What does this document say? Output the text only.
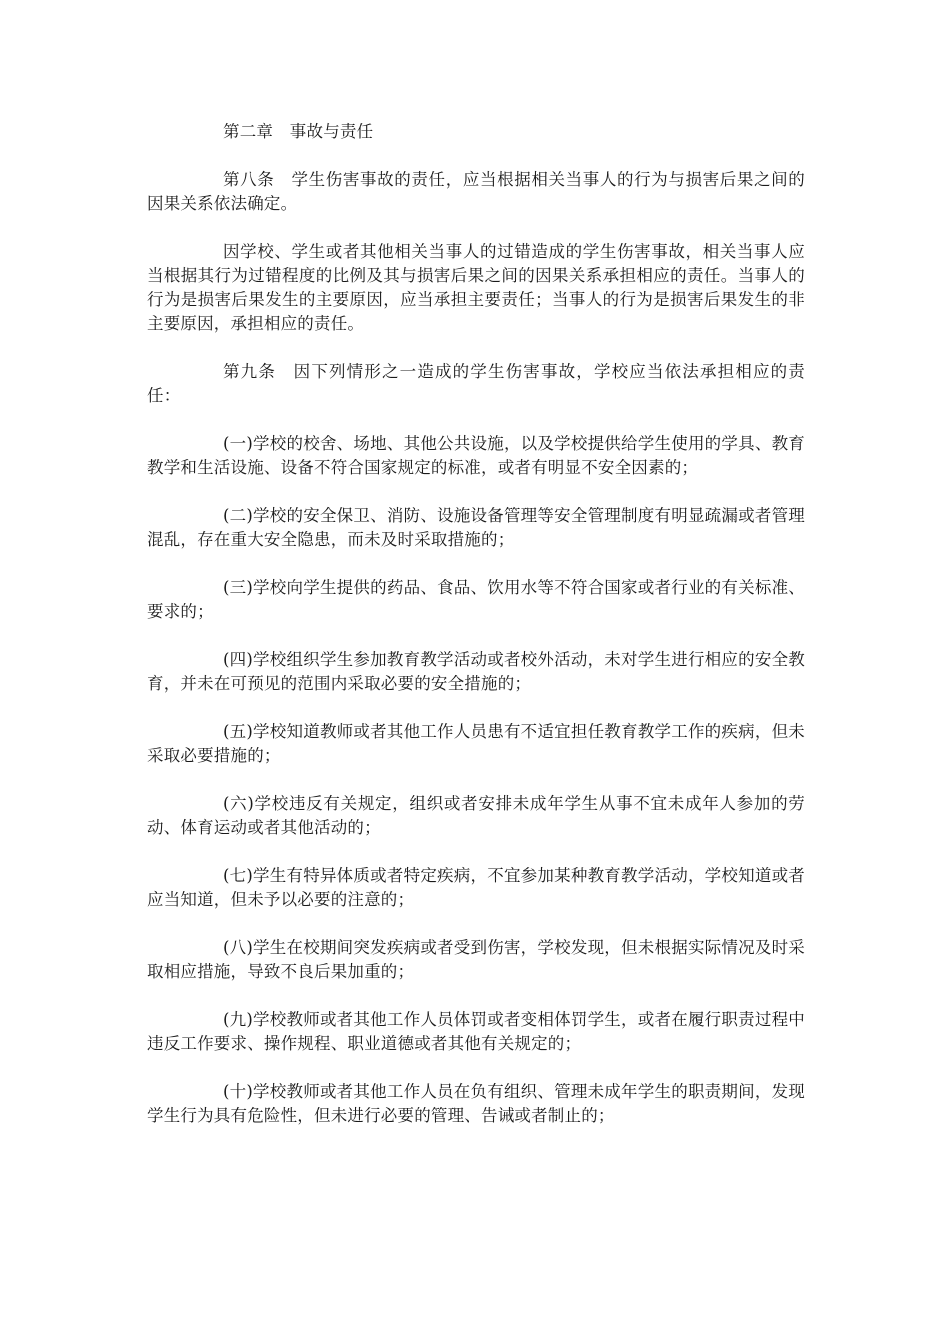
第二章　事故与责任

第八条　学生伤害事故的责任，应当根据相关当事人的行为与损害后果之间的因果关系依法确定。

因学校、学生或者其他相关当事人的过错造成的学生伤害事故，相关当事人应当根据其行为过错程度的比例及其与损害后果之间的因果关系承担相应的责任。当事人的行为是损害后果发生的主要原因，应当承担主要责任；当事人的行为是损害后果发生的非主要原因，承担相应的责任。

第九条　因下列情形之一造成的学生伤害事故，学校应当依法承担相应的责任：

(一)学校的校舍、场地、其他公共设施，以及学校提供给学生使用的学具、教育教学和生活设施、设备不符合国家规定的标准，或者有明显不安全因素的；

(二)学校的安全保卫、消防、设施设备管理等安全管理制度有明显疏漏或者管理混乱，存在重大安全隐患，而未及时采取措施的；

(三)学校向学生提供的药品、食品、饮用水等不符合国家或者行业的有关标准、要求的；

(四)学校组织学生参加教育教学活动或者校外活动，未对学生进行相应的安全教育，并未在可预见的范围内采取必要的安全措施的；

(五)学校知道教师或者其他工作人员患有不适宜担任教育教学工作的疾病，但未采取必要措施的；

(六)学校违反有关规定，组织或者安排未成年学生从事不宜未成年人参加的劳动、体育运动或者其他活动的；

(七)学生有特异体质或者特定疾病，不宜参加某种教育教学活动，学校知道或者应当知道，但未予以必要的注意的；

(八)学生在校期间突发疾病或者受到伤害，学校发现，但未根据实际情况及时采取相应措施，导致不良后果加重的；

(九)学校教师或者其他工作人员体罚或者变相体罚学生，或者在履行职责过程中违反工作要求、操作规程、职业道德或者其他有关规定的；

(十)学校教师或者其他工作人员在负有组织、管理未成年学生的职责期间，发现学生行为具有危险性，但未进行必要的管理、告诫或者制止的；
